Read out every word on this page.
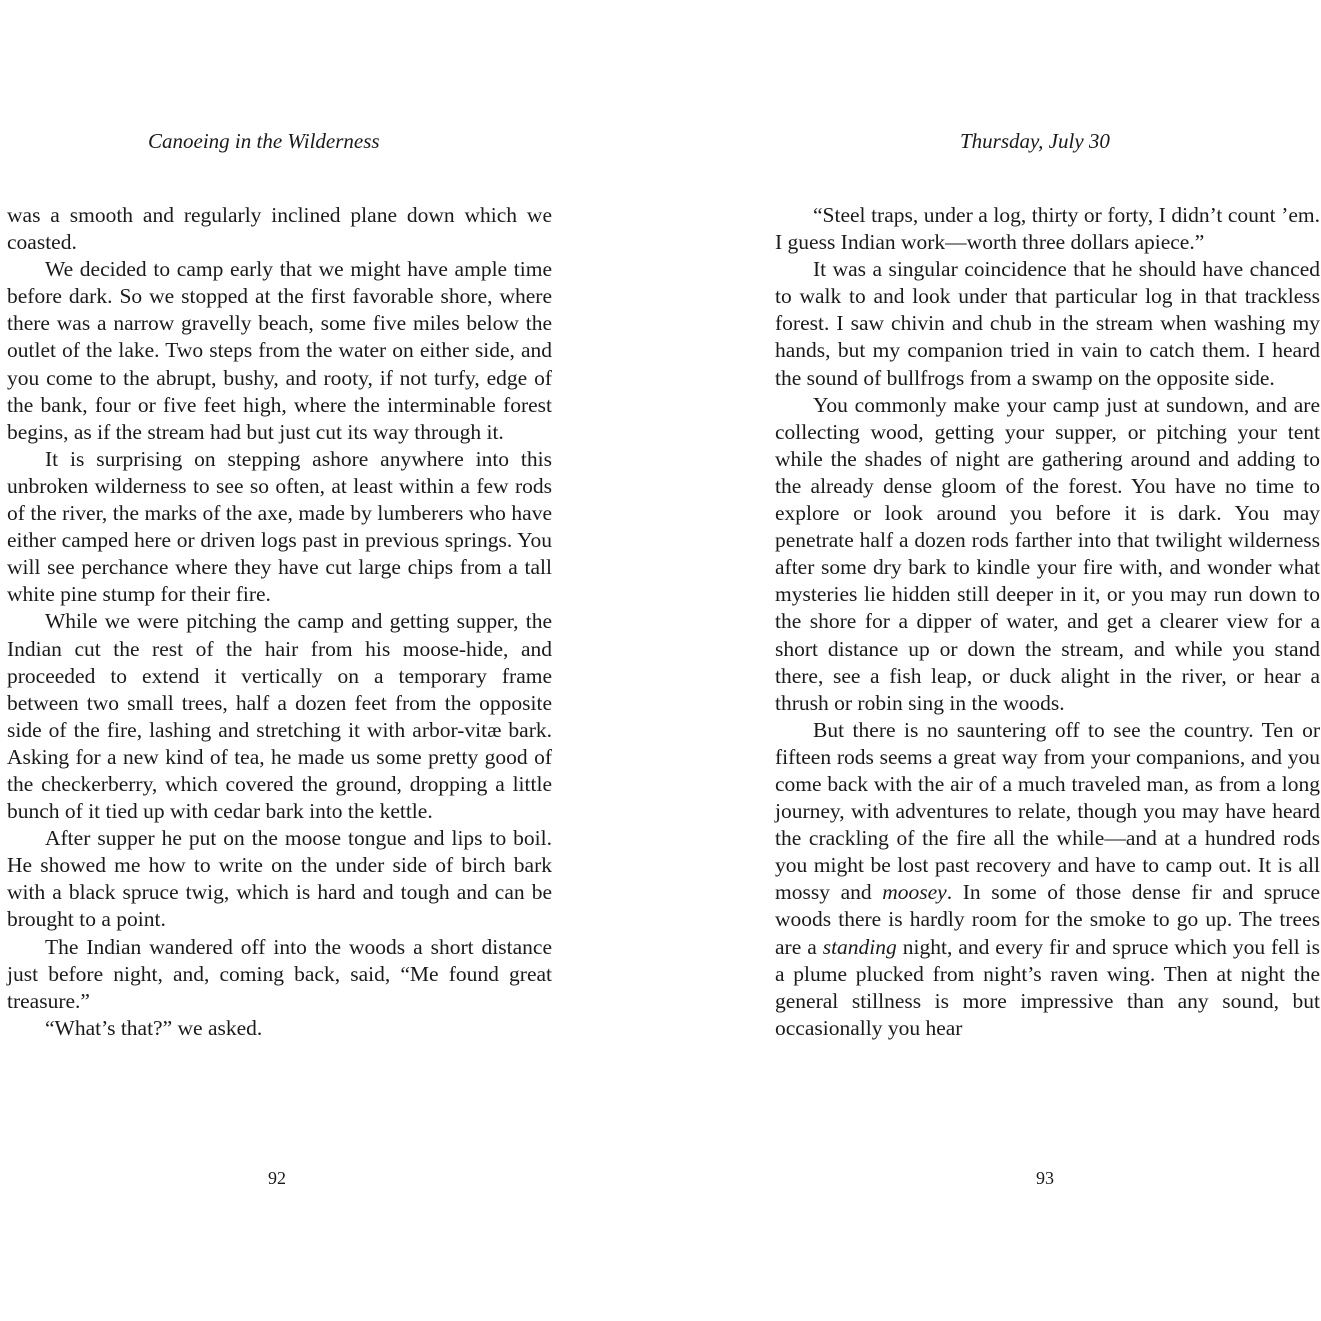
Canoeing in the Wilderness

was a smooth and regularly inclined plane down which we coasted.

We decided to camp early that we might have ample time before dark. So we stopped at the first favorable shore, where there was a narrow gravelly beach, some five miles below the outlet of the lake. Two steps from the water on either side, and you come to the abrupt, bushy, and rooty, if not turfy, edge of the bank, four or five feet high, where the interminable forest begins, as if the stream had but just cut its way through it.

It is surprising on stepping ashore anywhere into this unbroken wilderness to see so often, at least within a few rods of the river, the marks of the axe, made by lumberers who have either camped here or driven logs past in previous springs. You will see perchance where they have cut large chips from a tall white pine stump for their fire.

While we were pitching the camp and getting supper, the Indian cut the rest of the hair from his moose-hide, and proceeded to extend it vertically on a temporary frame between two small trees, half a dozen feet from the opposite side of the fire, lashing and stretching it with arbor-vitæ bark. Asking for a new kind of tea, he made us some pretty good of the checkerberry, which covered the ground, dropping a little bunch of it tied up with cedar bark into the kettle.

After supper he put on the moose tongue and lips to boil. He showed me how to write on the under side of birch bark with a black spruce twig, which is hard and tough and can be brought to a point.

The Indian wandered off into the woods a short distance just before night, and, coming back, said, “Me found great treasure.”

“What’s that?” we asked.

92
Thursday, July 30

“Steel traps, under a log, thirty or forty, I didn’t count ’em. I guess Indian work—worth three dollars apiece.”

It was a singular coincidence that he should have chanced to walk to and look under that particular log in that trackless forest. I saw chivin and chub in the stream when washing my hands, but my companion tried in vain to catch them. I heard the sound of bullfrogs from a swamp on the opposite side.

You commonly make your camp just at sundown, and are collecting wood, getting your supper, or pitching your tent while the shades of night are gathering around and adding to the already dense gloom of the forest. You have no time to explore or look around you before it is dark. You may penetrate half a dozen rods farther into that twilight wilderness after some dry bark to kindle your fire with, and wonder what mysteries lie hidden still deeper in it, or you may run down to the shore for a dipper of water, and get a clearer view for a short distance up or down the stream, and while you stand there, see a fish leap, or duck alight in the river, or hear a thrush or robin sing in the woods.

But there is no sauntering off to see the country. Ten or fifteen rods seems a great way from your companions, and you come back with the air of a much traveled man, as from a long journey, with adventures to relate, though you may have heard the crackling of the fire all the while—and at a hundred rods you might be lost past recovery and have to camp out. It is all mossy and moosey. In some of those dense fir and spruce woods there is hardly room for the smoke to go up. The trees are a standing night, and every fir and spruce which you fell is a plume plucked from night’s raven wing. Then at night the general stillness is more impressive than any sound, but occasionally you hear

93
